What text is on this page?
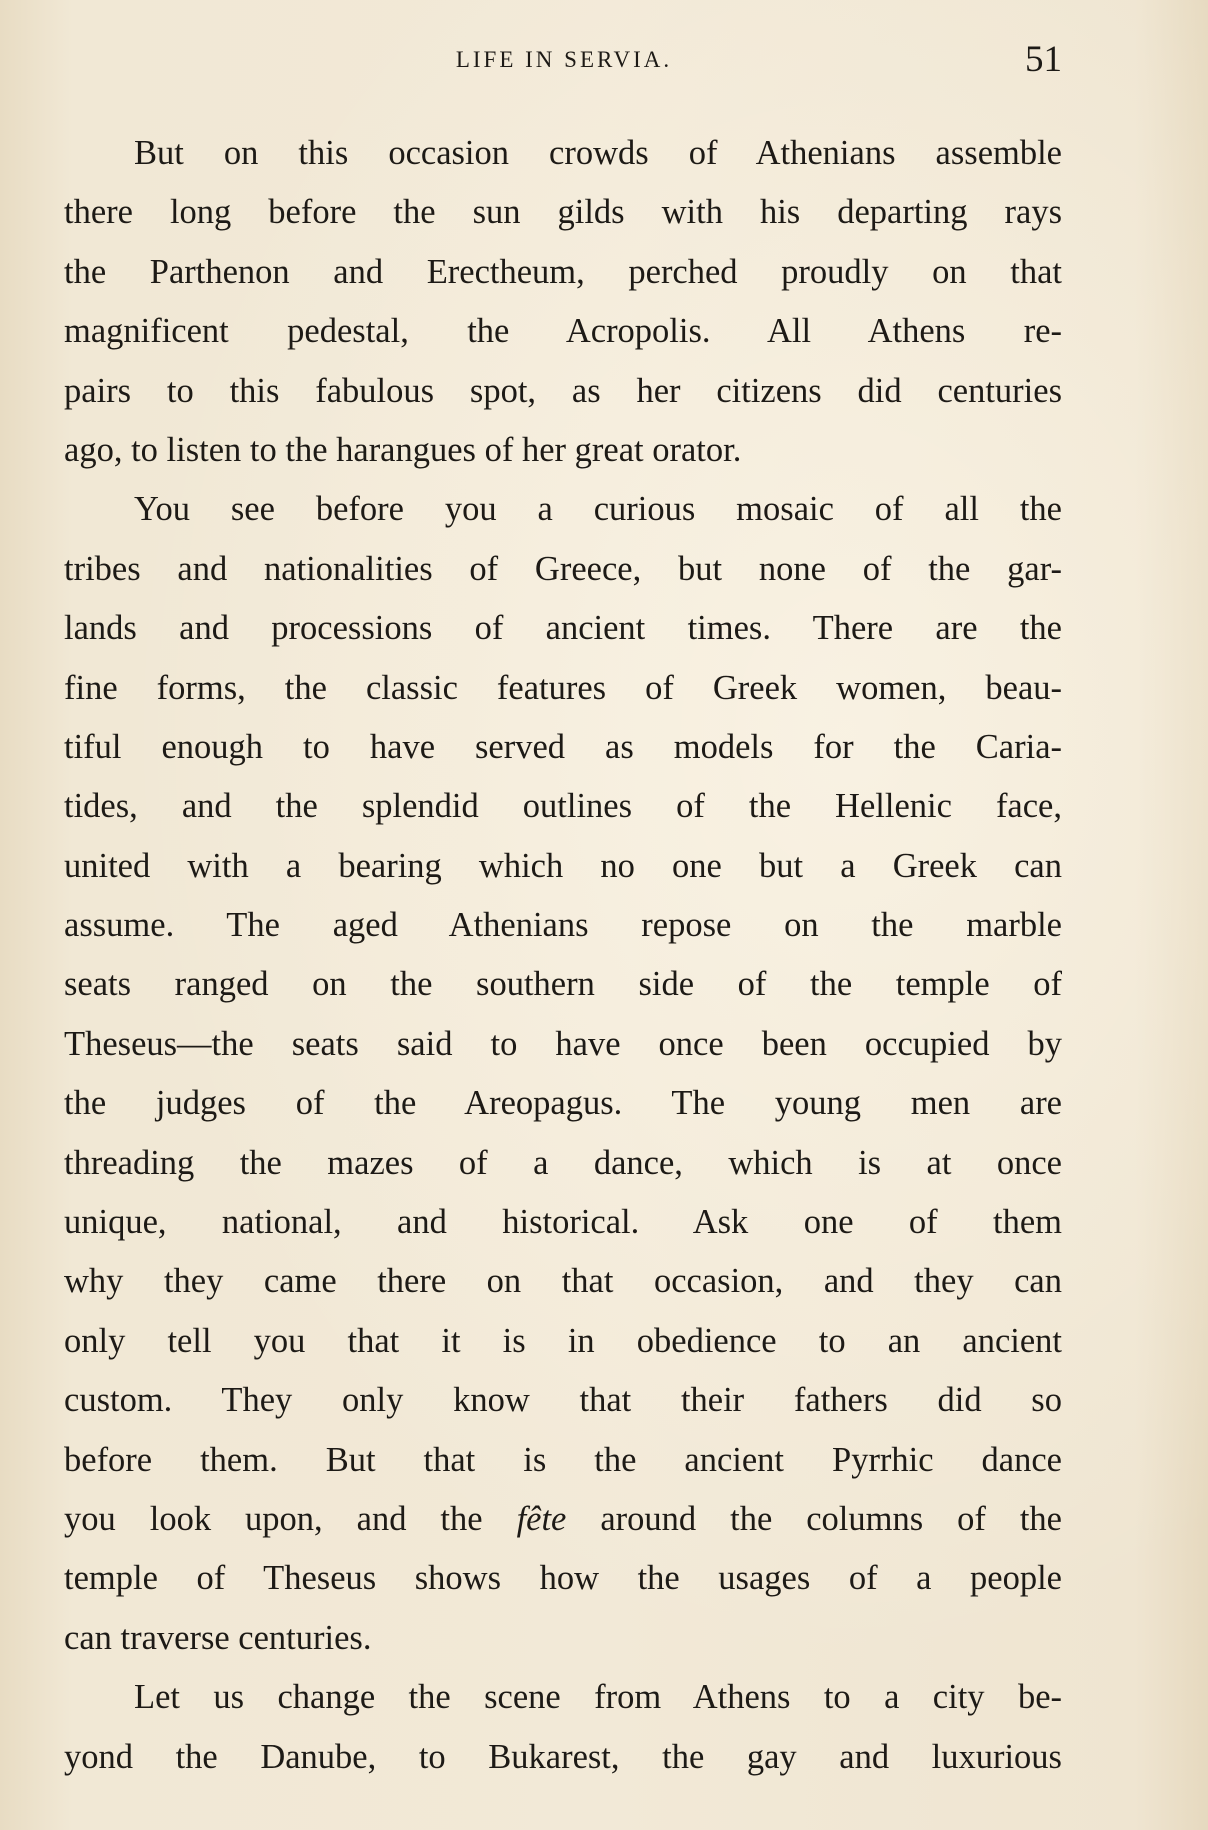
LIFE IN SERVIA.	51
But on this occasion crowds of Athenians assemble
there long before the sun gilds with his departing rays
the Parthenon and Erectheum, perched proudly on that
magnificent pedestal, the Acropolis. All Athens re-
pairs to this fabulous spot, as her citizens did centuries
ago, to listen to the harangues of her great orator.
You see before you a curious mosaic of all the
tribes and nationalities of Greece, but none of the gar-
lands and processions of ancient times. There are the
fine forms, the classic features of Greek women, beau-
tiful enough to have served as models for the Caria-
tides, and the splendid outlines of the Hellenic face,
united with a bearing which no one but a Greek can
assume. The aged Athenians repose on the marble
seats ranged on the southern side of the temple of
Theseus—the seats said to have once been occupied by
the judges of the Areopagus. The young men are
threading the mazes of a dance, which is at once
unique, national, and historical. Ask one of them
why they came there on that occasion, and they can
only tell you that it is in obedience to an ancient
custom. They only know that their fathers did so
before them. But that is the ancient Pyrrhic dance
you look upon, and the fête around the columns of the
temple of Theseus shows how the usages of a people
can traverse centuries.
Let us change the scene from Athens to a city be-
yond the Danube, to Bukarest, the gay and luxurious
